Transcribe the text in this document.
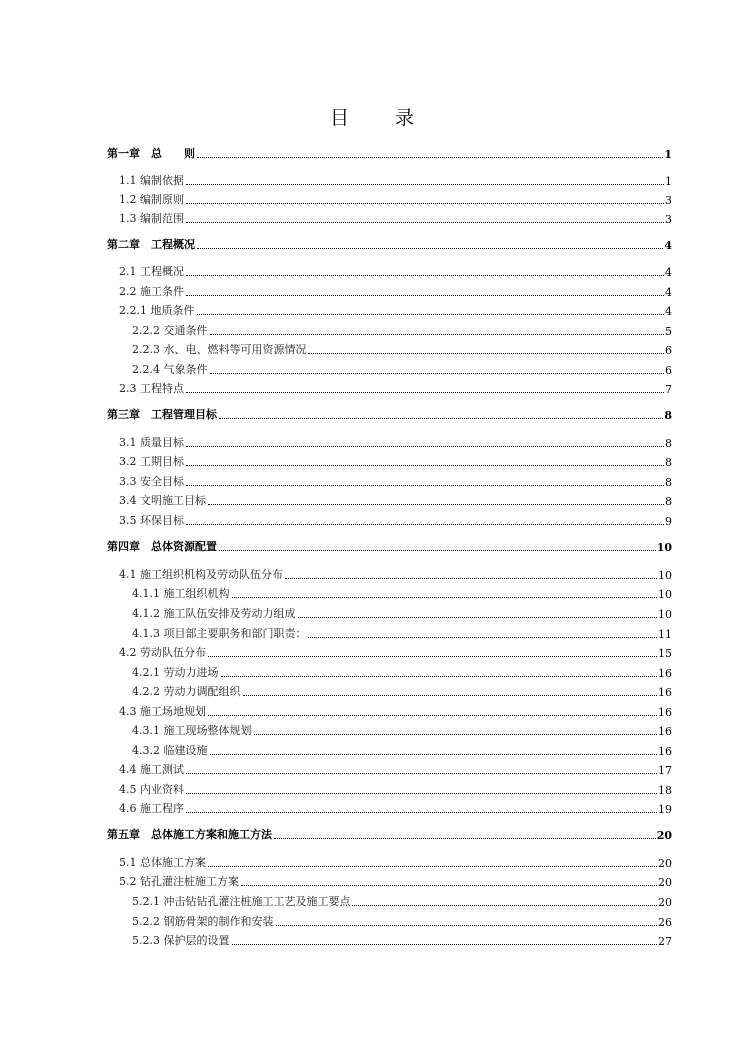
目 录
第一章　总　　则	1
1.1 编制依据	1
1.2 编制原则	3
1.3 编制范围	3
第二章　工程概况	4
2.1 工程概况	4
2.2 施工条件	4
2.2.1 地质条件	4
2.2.2 交通条件	5
2.2.3 水、电、燃料等可用资源情况	6
2.2.4 气象条件	6
2.3 工程特点	7
第三章　工程管理目标	8
3.1 质量目标	8
3.2 工期目标	8
3.3 安全目标	8
3.4 文明施工目标	8
3.5 环保目标	9
第四章　总体资源配置	10
4.1 施工组织机构及劳动队伍分布	10
4.1.1 施工组织机构	10
4.1.2 施工队伍安排及劳动力组成	10
4.1.3 项目部主要职务和部门职责：	11
4.2 劳动队伍分布	15
4.2.1 劳动力进场	16
4.2.2 劳动力调配组织	16
4.3 施工场地规划	16
4.3.1 施工现场整体规划	16
4.3.2 临建设施	16
4.4 施工测试	17
4.5 内业资料	18
4.6 施工程序	19
第五章　总体施工方案和施工方法	20
5.1 总体施工方案	20
5.2 钻孔灌注桩施工方案	20
5.2.1 冲击钻钻孔灌注桩施工工艺及施工要点	20
5.2.2 钢筋骨架的制作和安装	26
5.2.3 保护层的设置	27
